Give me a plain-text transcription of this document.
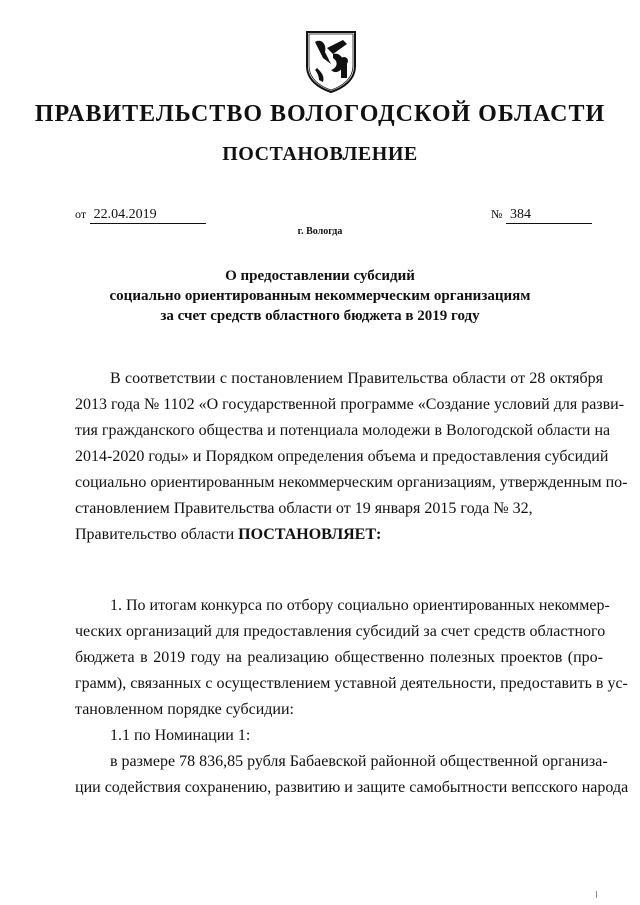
ПРАВИТЕЛЬСТВО ВОЛОГОДСКОЙ ОБЛАСТИ
ПОСТАНОВЛЕНИЕ
от 22.04.2019	№ 384
г. Вологда
О предоставлении субсидий
социально ориентированным некоммерческим организациям
за счет средств областного бюджета в 2019 году
В соответствии с постановлением Правительства области от 28 октября
2013 года № 1102 «О государственной программе «Создание условий для разви-
тия гражданского общества и потенциала молодежи в Вологодской области на
2014-2020 годы» и Порядком определения объема и предоставления субсидий
социально ориентированным некоммерческим организациям, утвержденным по-
становлением Правительства области от 19 января 2015 года № 32,
Правительство области ПОСТАНОВЛЯЕТ:
1. По итогам конкурса по отбору социально ориентированных некоммер-
ческих организаций для предоставления субсидий за счет средств областного
бюджета в 2019 году на реализацию общественно полезных проектов (про-
грамм), связанных с осуществлением уставной деятельности, предоставить в ус-
тановленном порядке субсидии:
1.1 по Номинации 1:
в размере 78 836,85 рубля Бабаевской районной общественной организа-
ции содействия сохранению, развитию и защите самобытности вепсского народа
